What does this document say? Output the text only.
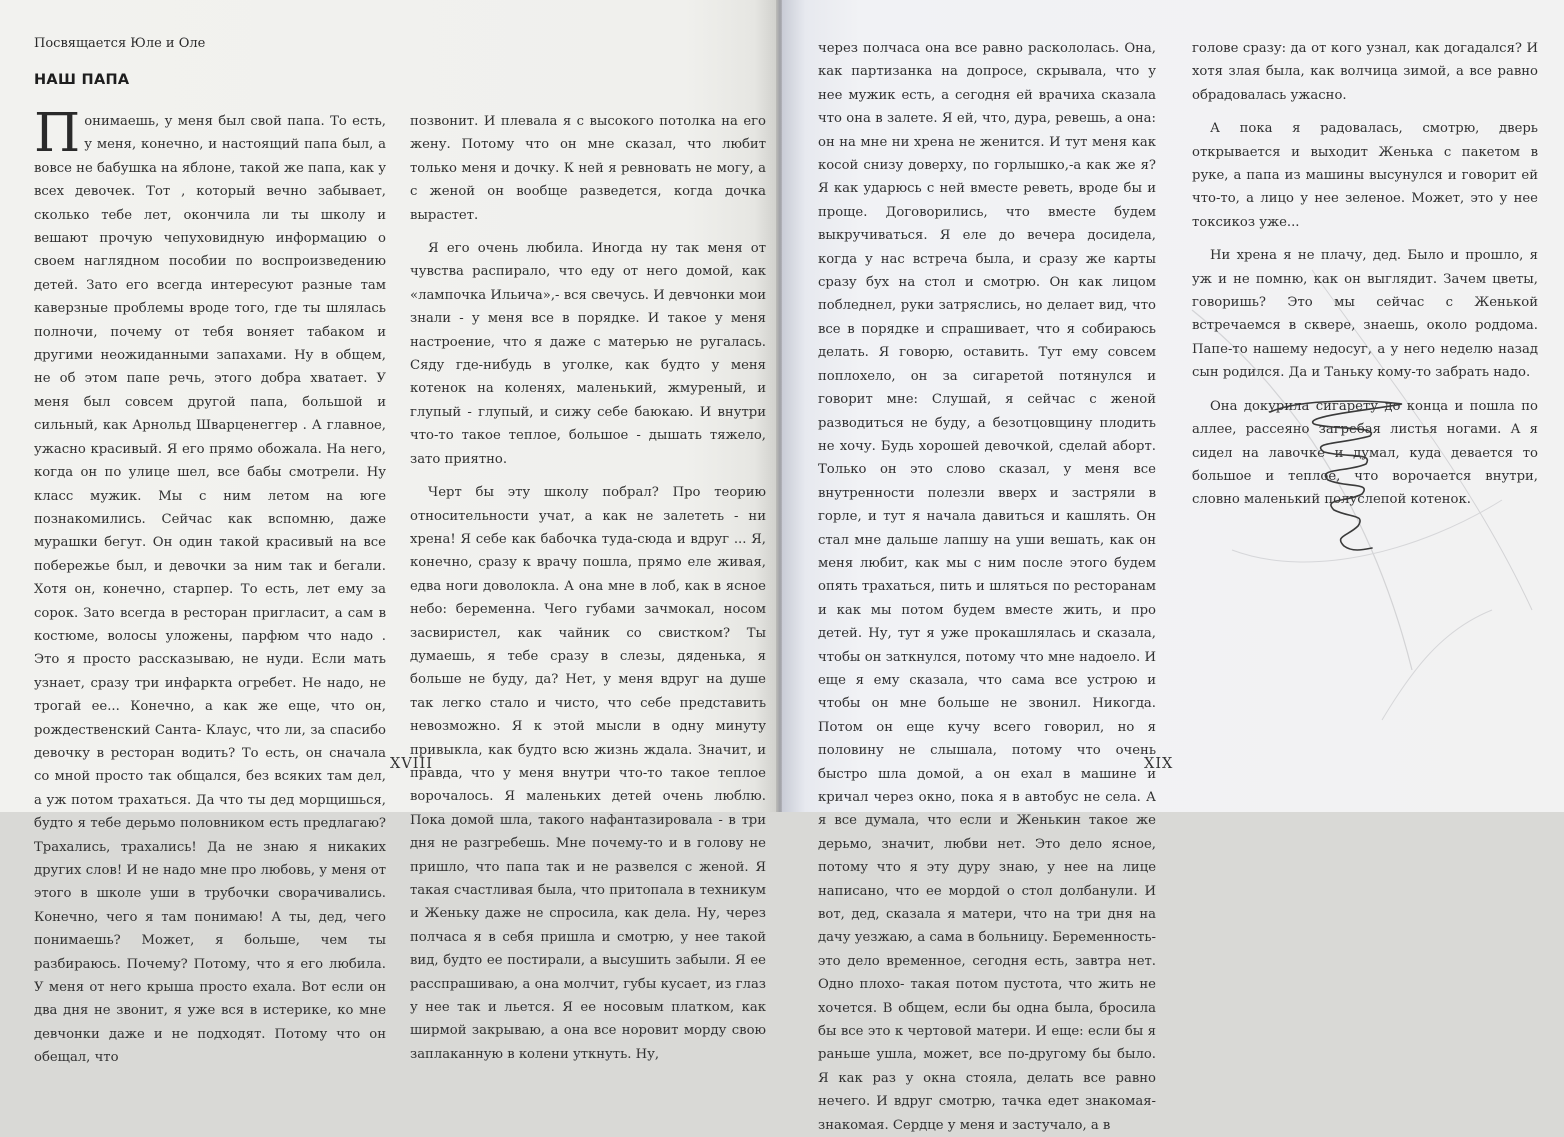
Посвящается Юле и Оле
НАШ ПАПА

Понимаешь, у меня был свой папа. То есть, у меня, конечно, и настоящий папа был, а вовсе не бабушка на яблоне, такой же папа, как у всех девочек. Тот , который вечно забывает, сколько тебе лет, окончила ли ты школу и вешают прочую чепуховидную информацию о своем наглядном пособии по воспроизведению детей. Зато его всегда интересуют разные там каверзные проблемы вроде того, где ты шлялась полночи, почему от тебя воняет табаком и другими неожиданными запахами. Ну в общем, не об этом папе речь, этого добра хватает. У меня был совсем другой папа, большой и сильный, как Арнольд Шварценеггер . А главное, ужасно красивый. Я его прямо обожала. На него, когда он по улице шел, все бабы смотрели. Ну класс мужик. Мы с ним летом на юге познакомились. Сейчас как вспомню, даже мурашки бегут. Он один такой красивый на все побережье был, и девочки за ним так и бегали. Хотя он, конечно, старпер. То есть, лет ему за сорок. Зато всегда в ресторан пригласит, а сам в костюме, волосы уложены, парфюм что надо . Это я просто рассказываю, не нуди. Если мать узнает, сразу три инфаркта огребет. Не надо, не трогай ее... Конечно, а как же еще, что он, рождественский Санта- Клаус, что ли, за спасибо девочку в ресторан водить? То есть, он сначала со мной просто так общался, без всяких там дел, а уж потом трахаться. Да что ты дед морщишься, будто я тебе дерьмо половником есть предлагаю? Трахались, трахались! Да не знаю я никаких других слов! И не надо мне про любовь, у меня от этого в школе уши в трубочки сворачивались. Конечно, чего я там понимаю! А ты, дед, чего понимаешь? Может, я больше, чем ты разбираюсь. Почему? Потому, что я его любила. У меня от него крыша просто ехала. Вот если он два дня не звонит, я уже вся в истерике, ко мне девчонки даже и не подходят. Потому что он обещал, что

позвонит. И плевала я с высокого потолка на его жену. Потому что он мне сказал, что любит только меня и дочку. К ней я ревновать не могу, а с женой он вообще разведется, когда дочка вырастет.

Я его очень любила. Иногда ну так меня от чувства распирало, что еду от него домой, как «лампочка Ильича»,- вся свечусь. И девчонки мои знали - у меня все в порядке. И такое у меня настроение, что я даже с матерью не ругалась. Сяду где-нибудь в уголке, как будто у меня котенок на коленях, маленький, жмуреный, и глупый - глупый, и сижу себе баюкаю. И внутри что-то такое теплое, большое - дышать тяжело, зато приятно.

Черт бы эту школу побрал? Про теорию относительности учат, а как не залететь - ни хрена! Я себе как бабочка туда-сюда и вдруг ... Я, конечно, сразу к врачу пошла, прямо еле живая, едва ноги доволокла. А она мне в лоб, как в ясное небо: беременна. Чего губами зачмокал, носом засвиристел, как чайник со свистком? Ты думаешь, я тебе сразу в слезы, дяденька, я больше не буду, да? Нет, у меня вдруг на душе так легко стало и чисто, что себе представить невозможно. Я к этой мысли в одну минуту привыкла, как будто всю жизнь ждала. Значит, и правда, что у меня внутри что-то такое теплое ворочалось. Я маленьких детей очень люблю. Пока домой шла, такого нафантазировала - в три дня не разгребешь. Мне почему-то и в голову не пришло, что папа так и не развелся с женой. Я такая счастливая была, что притопала в техникум и Женьку даже не спросила, как дела. Ну, через полчаса я в себя пришла и смотрю, у нее такой вид, будто ее постирали, а высушить забыли. Я ее расспрашиваю, а она молчит, губы кусает, из глаз у нее так и льется. Я ее носовым платком, как ширмой закрываю, а она все норовит морду свою заплаканную в колени уткнуть. Ну,

XVIII

через полчаса она все равно раскололась. Она, как партизанка на допросе, скрывала, что у нее мужик есть, а сегодня ей врачиха сказала что она в залете. Я ей, что, дура, ревешь, а она: он на мне ни хрена не женится. И тут меня как косой снизу доверху, по горлышко,-а как же я? Я как ударюсь с ней вместе реветь, вроде бы и проще. Договорились, что вместе будем выкручиваться. Я еле до вечера досидела, когда у нас встреча была, и сразу же карты сразу бух на стол и смотрю. Он как лицом побледнел, руки затряслись, но делает вид, что все в порядке и спрашивает, что я собираюсь делать. Я говорю, оставить. Тут ему совсем поплохело, он за сигаретой потянулся и говорит мне: Слушай, я сейчас с женой разводиться не буду, а безотцовщину плодить не хочу. Будь хорошей девочкой, сделай аборт. Только он это слово сказал, у меня все внутренности полезли вверх и застряли в горле, и тут я начала давиться и кашлять. Он стал мне дальше лапшу на уши вешать, как он меня любит, как мы с ним после этого будем опять трахаться, пить и шляться по ресторанам и как мы потом будем вместе жить, и про детей. Ну, тут я уже прокашлялась и сказала, чтобы он заткнулся, потому что мне надоело. И еще я ему сказала, что сама все устрою и чтобы он мне больше не звонил. Никогда. Потом он еще кучу всего говорил, но я половину не слышала, потому что очень быстро шла домой, а он ехал в машине и кричал через окно, пока я в автобус не села. А я все думала, что если и Женькин такое же дерьмо, значит, любви нет. Это дело ясное, потому что я эту дуру знаю, у нее на лице написано, что ее мордой о стол долбанули. И вот, дед, сказала я матери, что на три дня на дачу уезжаю, а сама в больницу. Беременность- это дело временное, сегодня есть, завтра нет. Одно плохо- такая потом пустота, что жить не хочется. В общем, если бы одна была, бросила бы все это к чертовой матери. И еще: если бы я раньше ушла, может, все по-другому бы было. Я как раз у окна стояла, делать все равно нечего. И вдруг смотрю, тачка едет знакомая-знакомая. Сердце у меня и застучало, а в

голове сразу: да от кого узнал, как догадался? И хотя злая была, как волчица зимой, а все равно обрадовалась ужасно.

А пока я радовалась, смотрю, дверь открывается и выходит Женька с пакетом в руке, а папа из машины высунулся и говорит ей что-то, а лицо у нее зеленое. Может, это у нее токсикоз уже...

Ни хрена я не плачу, дед. Было и прошло, я уж и не помню, как он выглядит. Зачем цветы, говоришь? Это мы сейчас с Женькой встречаемся в сквере, знаешь, около роддома. Папе-то нашему недосуг, а у него неделю назад сын родился. Да и Таньку кому-то забрать надо.

Она докурила сигарету до конца и пошла по аллее, рассеяно загребая листья ногами. А я сидел на лавочке и думал, куда девается то большое и теплое, что ворочается внутри, словно маленький полуслепой котенок.

XIX
